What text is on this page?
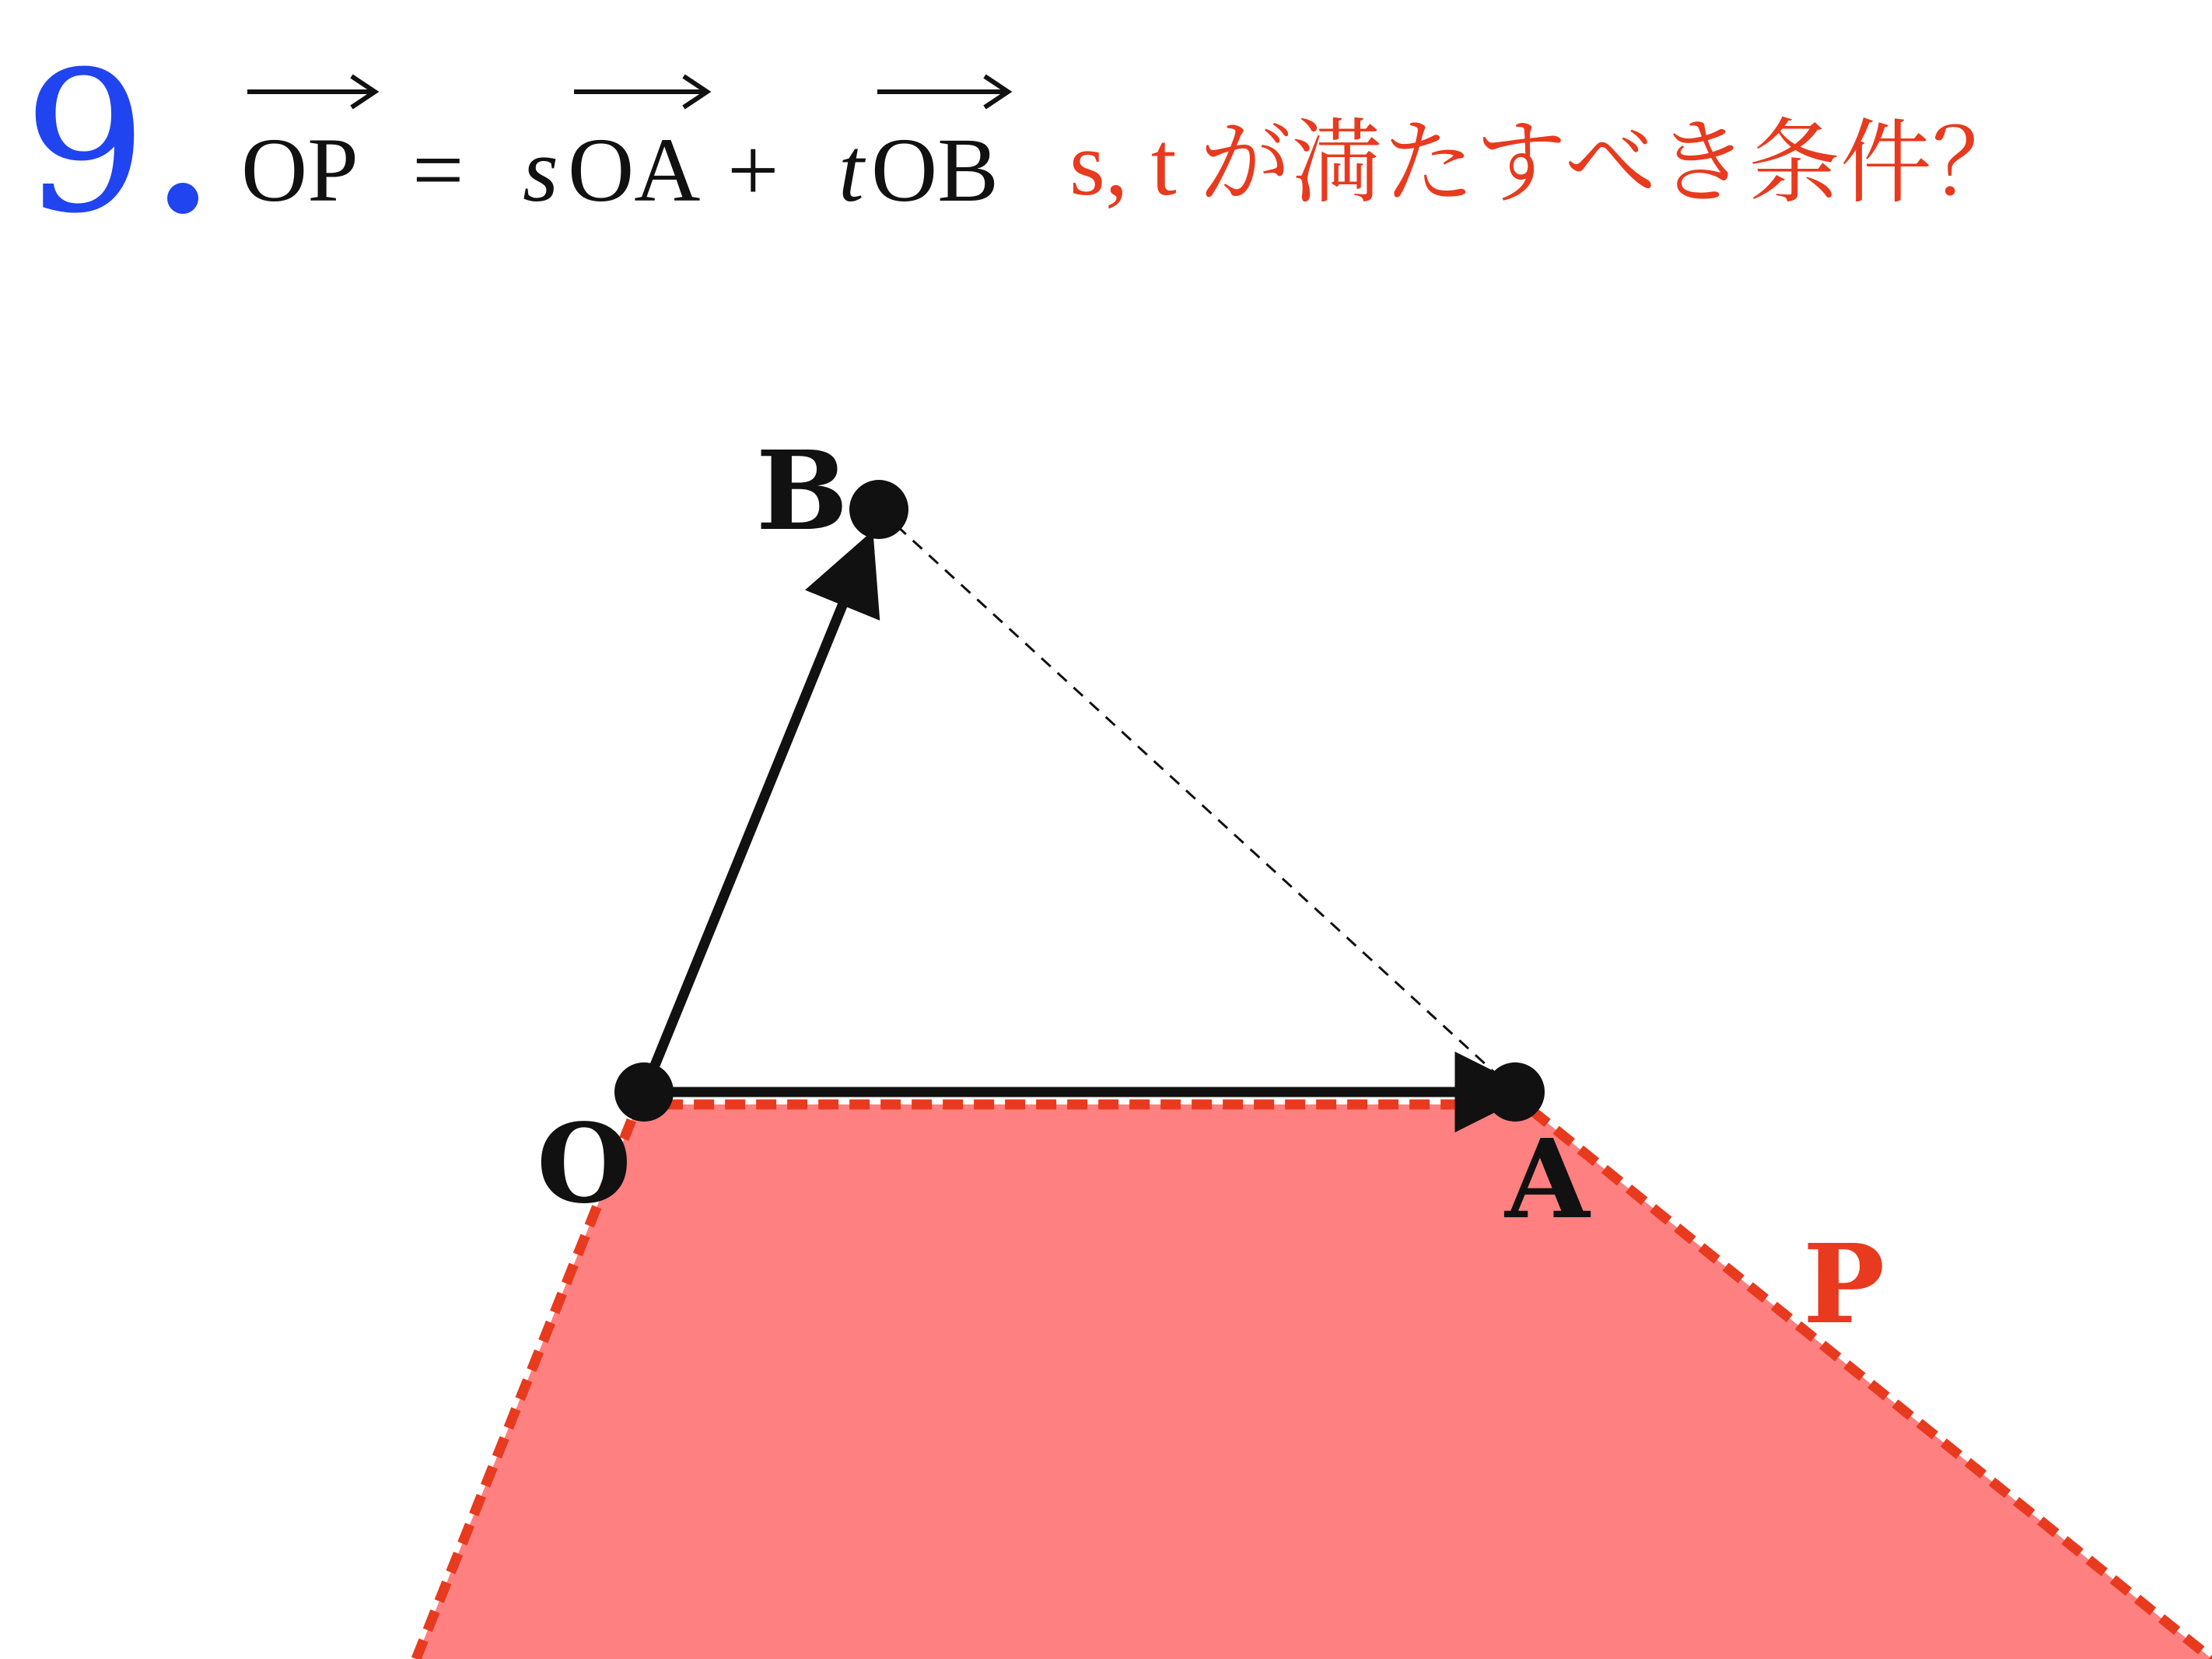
9 OP = s OA + t OB s, t が満たすべき条件？
O	A
B
P
